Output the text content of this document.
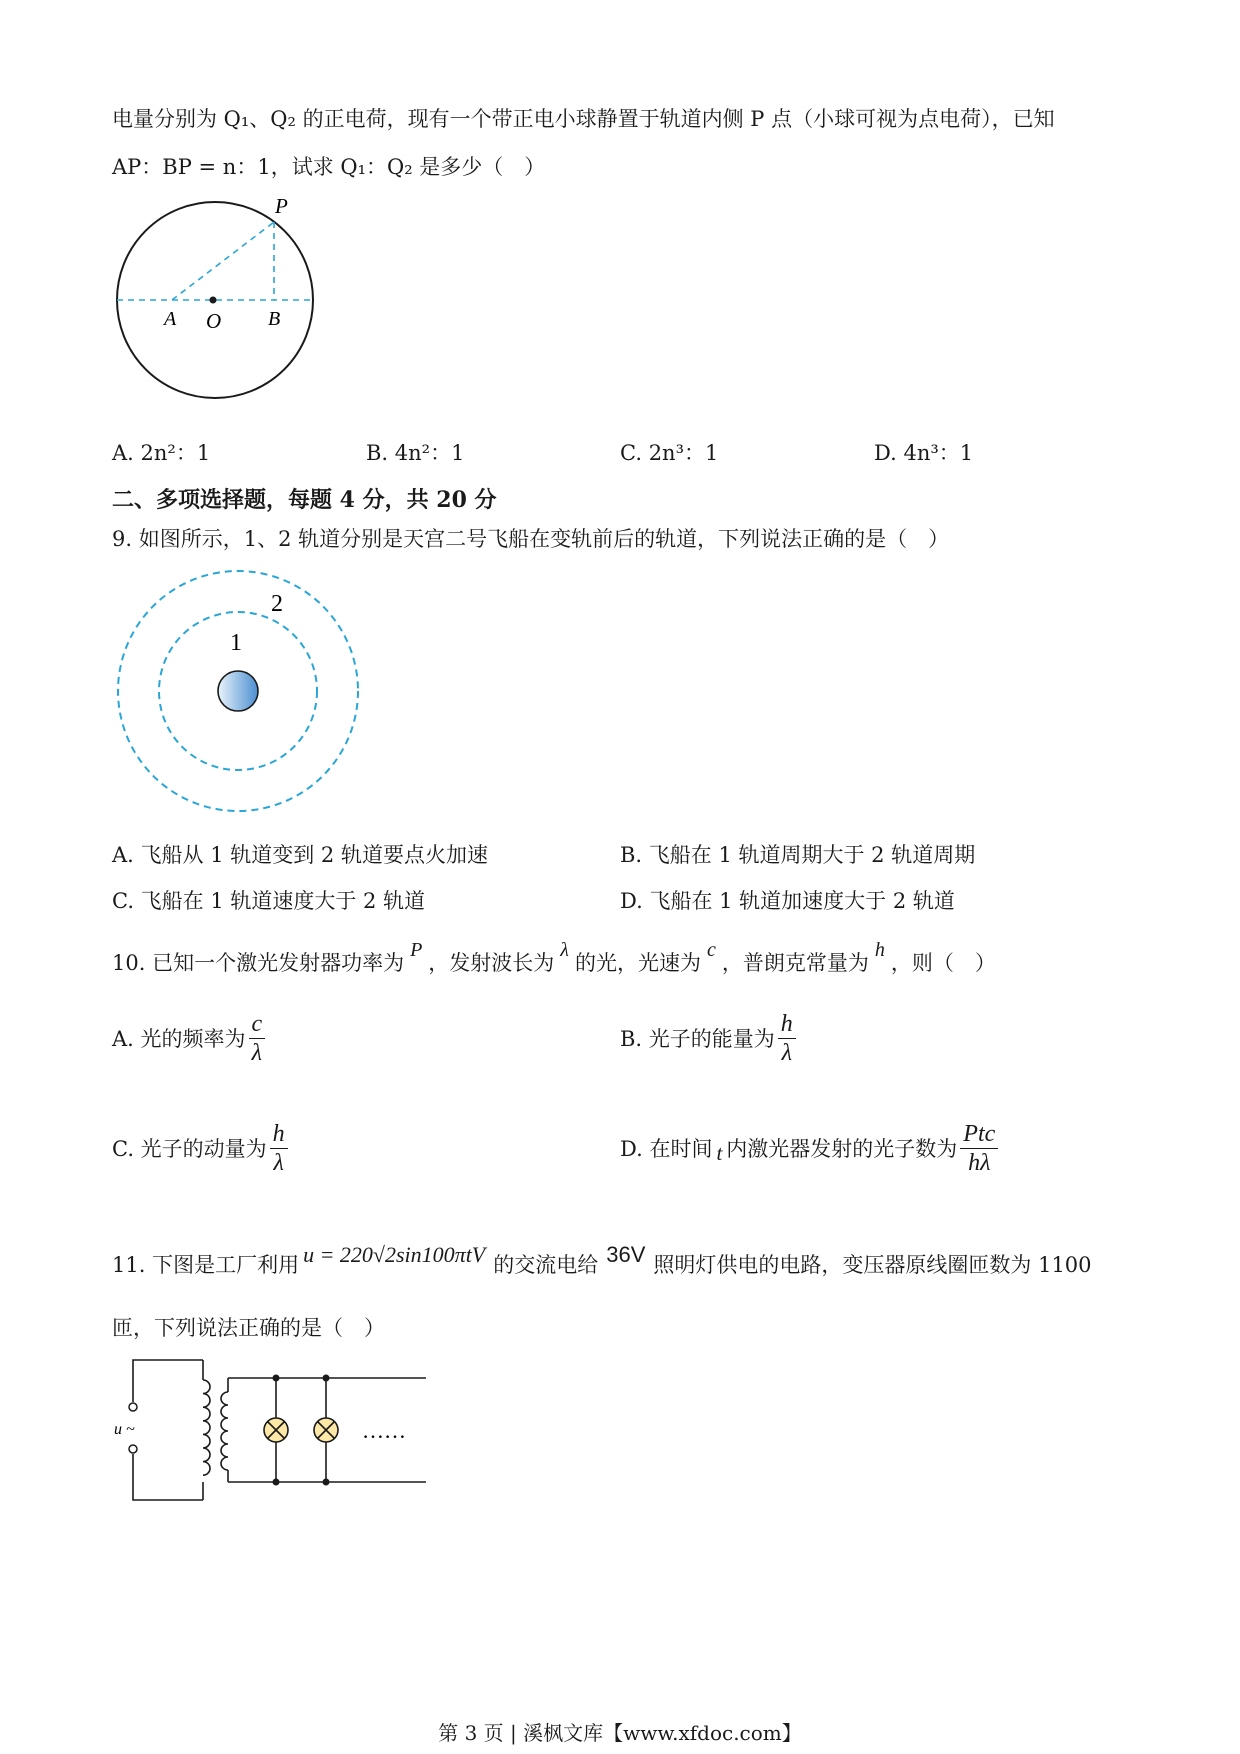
电量分别为 Q₁、Q₂ 的正电荷，现有一个带正电小球静置于轨道内侧 P 点（小球可视为点电荷），已知
AP：BP = n：1，试求 Q₁：Q₂ 是多少（　）
P
A O B
A. 2n²：1	B. 4n²：1	C. 2n³：1	D. 4n³：1
二、多项选择题，每题 4 分，共 20 分
9. 如图所示，1、2 轨道分别是天宫二号飞船在变轨前后的轨道，下列说法正确的是（　）
2
1
A. 飞船从 1 轨道变到 2 轨道要点火加速	B. 飞船在 1 轨道周期大于 2 轨道周期
C. 飞船在 1 轨道速度大于 2 轨道	D. 飞船在 1 轨道加速度大于 2 轨道
10. 已知一个激光发射器功率为P，发射波长为λ的光，光速为c，普朗克常量为h，则（　）
A. 光的频率为 $\frac{c}{\lambda}$	B. 光子的能量为 $\frac{h}{\lambda}$
C. 光子的动量为 $\frac{h}{\lambda}$	D. 在时间 t 内激光器发射的光子数为 $\frac{\text{Ptc}}{h\lambda}$
11. 下图是工厂利用 u = 220√2sin100πtV 的交流电给 36V 照明灯供电的电路，变压器原线圈匝数为 1100
匝，下列说法正确的是（　）
u ~	……
第 3 页 | 溪枫文库【www.xfdoc.com】
